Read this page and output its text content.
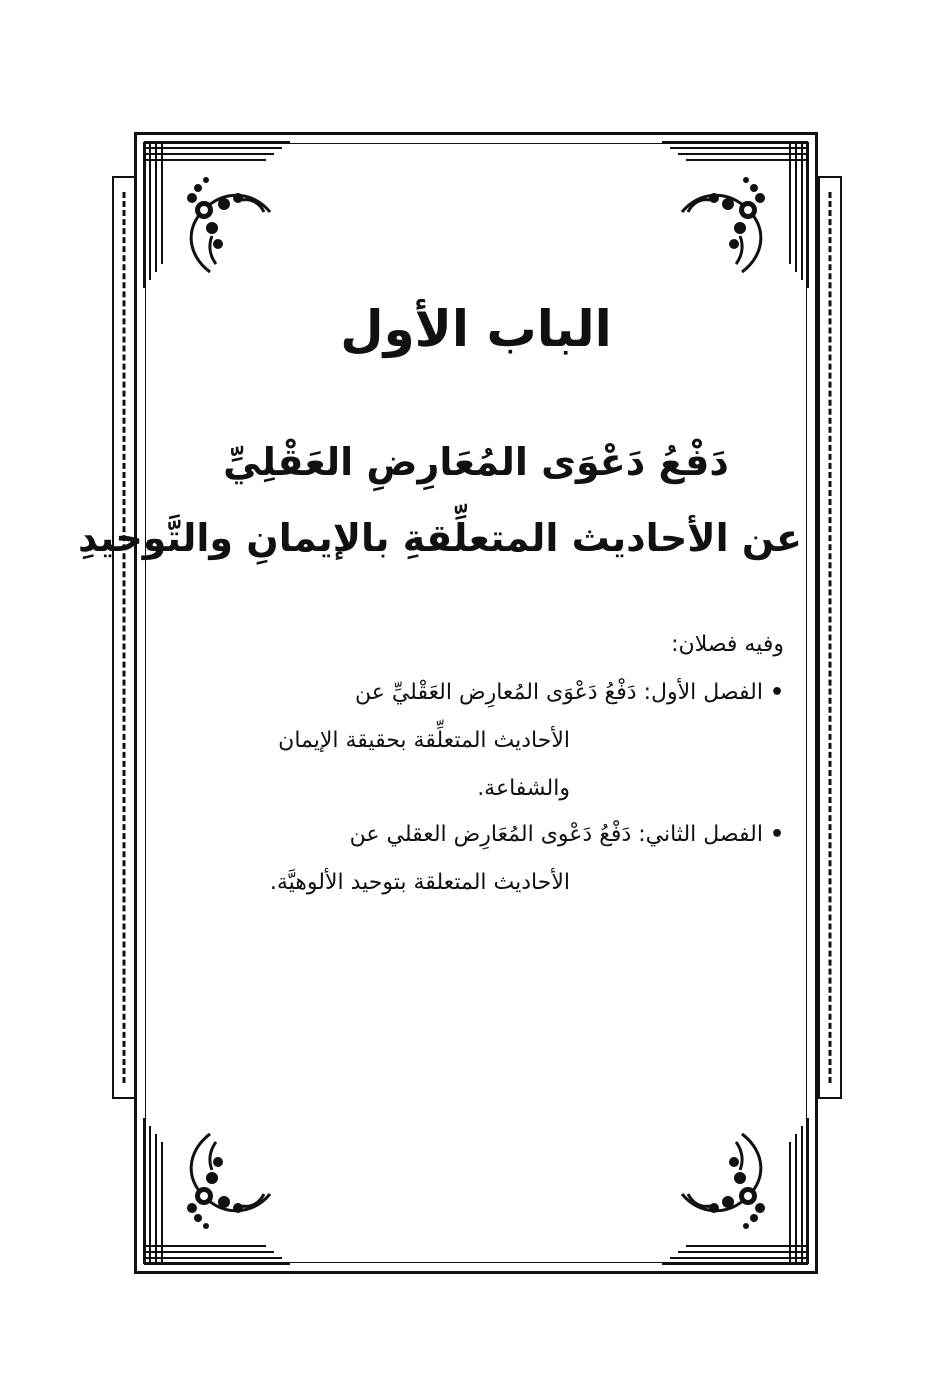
الباب الأول
دَفْعُ دَعْوَى المُعَارِضِ العَقْلِيِّ
عن الأحاديث المتعلِّقةِ بالإيمانِ والتَّوحيدِ
وفيه فصلان:
• الفصل الأول: دَفْعُ دَعْوَى المُعارِض العَقْليِّ عن
الأحاديث المتعلِّقة بحقيقة الإيمان
والشفاعة.
• الفصل الثاني: دَفْعُ دَعْوى المُعَارِض العقلي عن
الأحاديث المتعلقة بتوحيد الألوهيَّة.
